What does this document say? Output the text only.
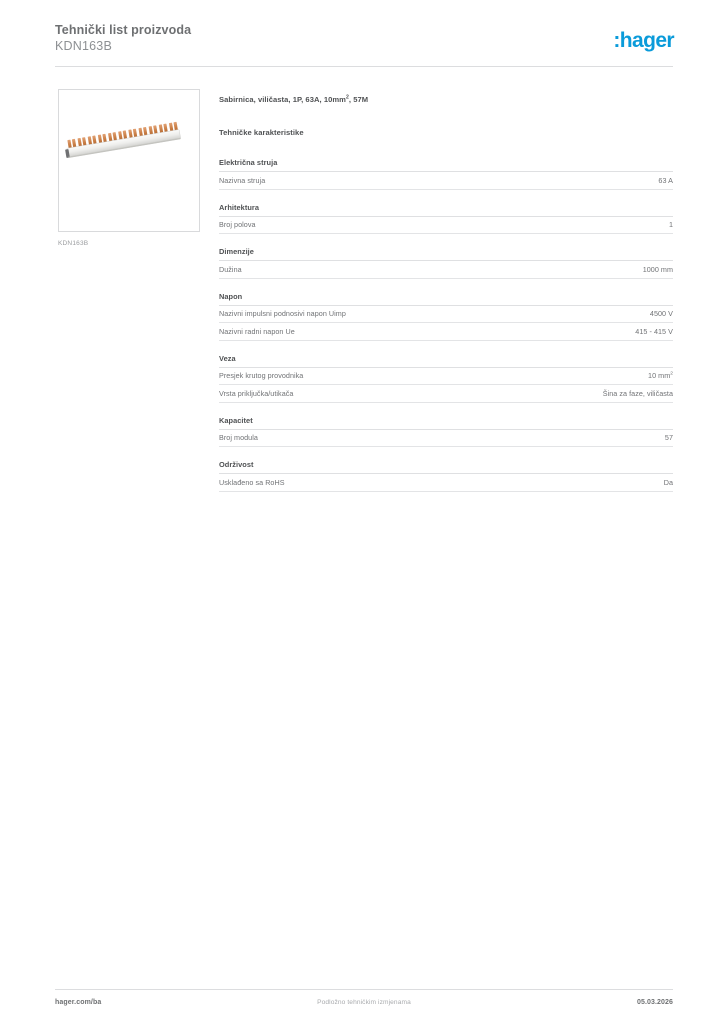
Tehnički list proizvoda
KDN163B	:hager
KDN163B
Sabirnica, viličasta, 1P, 63A, $10mm^2$, 57M
Tehničke karakteristike
Električna struja
Nazivna struja	63 A
Arhitektura
Broj polova	1
Dimenzije
Dužina	1000 mm
Napon
Nazivni impulsni podnosivi napon Uimp	4500 V
Nazivni radni napon Ue	415 - 415 V
Veza
Presjek krutog provodnika	10 $mm^2$
Vrsta priključka/utikača	Šina za faze, viličasta
Kapacitet
Broj modula	57
Održivost
Usklađeno sa RoHS	Da
hager.com/ba	Podložno tehničkim izmjenama	05.03.2026
